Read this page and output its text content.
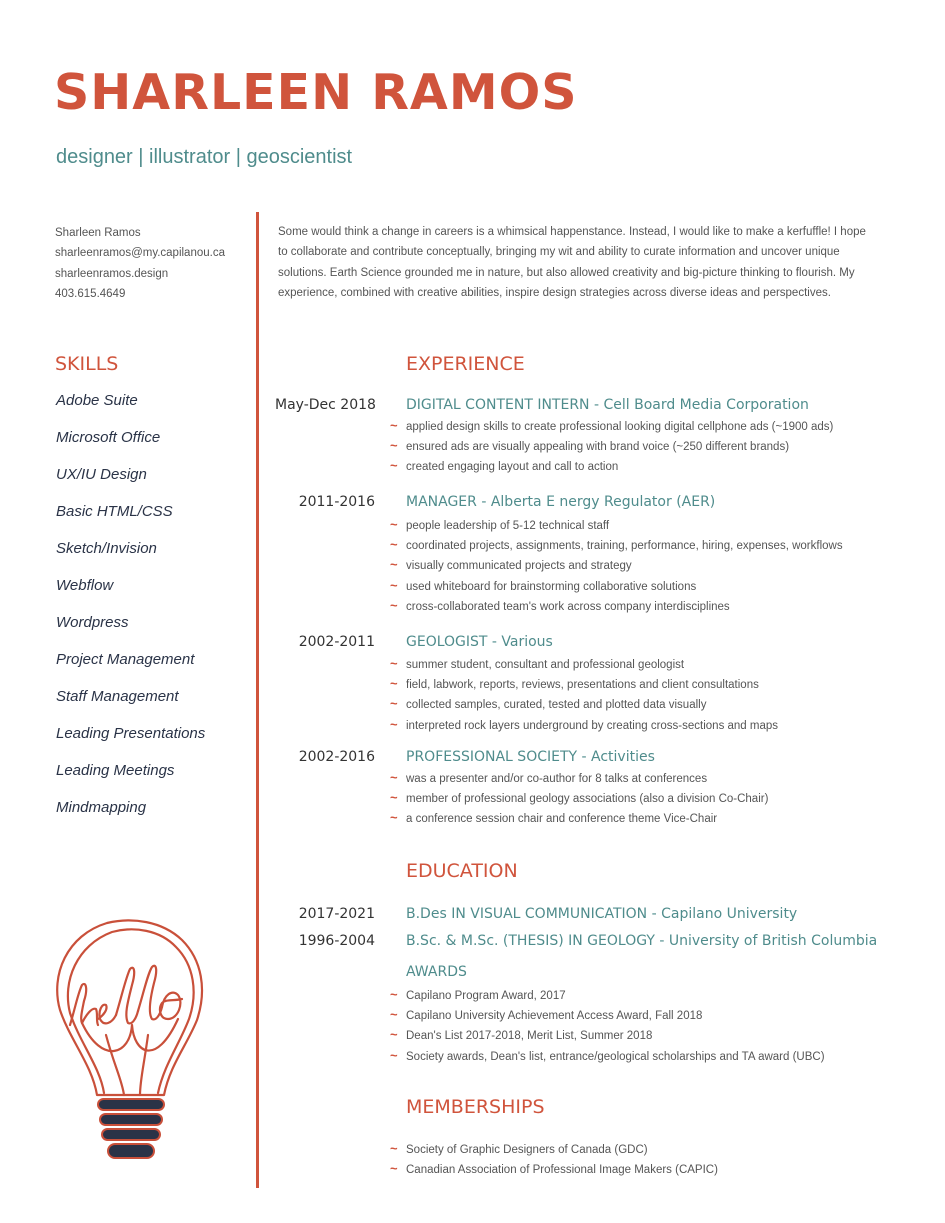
SHARLEEN RAMOS
designer | illustrator | geoscientist
Sharleen Ramos
sharleenramos@my.capilanou.ca
sharleenramos.design
403.615.4649
Some would think a change in careers is a whimsical happenstance. Instead, I would like to make a kerfuffle! I hope to collaborate and contribute conceptually, bringing my wit and ability to curate information and uncover unique solutions. Earth Science grounded me in nature, but also allowed creativity and big-picture thinking to flourish. My experience, combined with creative abilities, inspire design strategies across diverse ideas and perspectives.
SKILLS
Adobe Suite
Microsoft Office
UX/IU Design
Basic HTML/CSS
Sketch/Invision
Webflow
Wordpress
Project Management
Staff Management
Leading Presentations
Leading Meetings
Mindmapping
EXPERIENCE
May-Dec 2018 DIGITAL CONTENT INTERN - Cell Board Media Corporation
~ applied design skills to create professional looking digital cellphone ads (~1900 ads)
~ ensured ads are visually appealing with brand voice (~250 different brands)
~ created engaging layout and call to action
2011-2016 MANAGER - Alberta E nergy Regulator (AER)
~ people leadership of 5-12 technical staff
~ coordinated projects, assignments, training, performance, hiring, expenses, workflows
~ visually communicated projects and strategy
~ used whiteboard for brainstorming collaborative solutions
~ cross-collaborated team's work across company interdisciplines
2002-2011 GEOLOGIST - Various
~ summer student, consultant and professional geologist
~ field, labwork, reports, reviews, presentations and client consultations
~ collected samples, curated, tested and plotted data visually
~ interpreted rock layers underground by creating cross-sections and maps
2002-2016 PROFESSIONAL SOCIETY - Activities
~ was a presenter and/or co-author for 8 talks at conferences
~ member of professional geology associations (also a division Co-Chair)
~ a conference session chair and conference theme Vice-Chair
EDUCATION
2017-2021 B.Des IN VISUAL COMMUNICATION - Capilano University
1996-2004 B.Sc. & M.Sc. (THESIS) IN GEOLOGY - University of British Columbia
AWARDS
~ Capilano Program Award, 2017
~ Capilano University Achievement Access Award, Fall 2018
~ Dean's List 2017-2018, Merit List, Summer 2018
~ Society awards, Dean's list, entrance/geological scholarships and TA award (UBC)
MEMBERSHIPS
~ Society of Graphic Designers of Canada (GDC)
~ Canadian Association of Professional Image Makers (CAPIC)
